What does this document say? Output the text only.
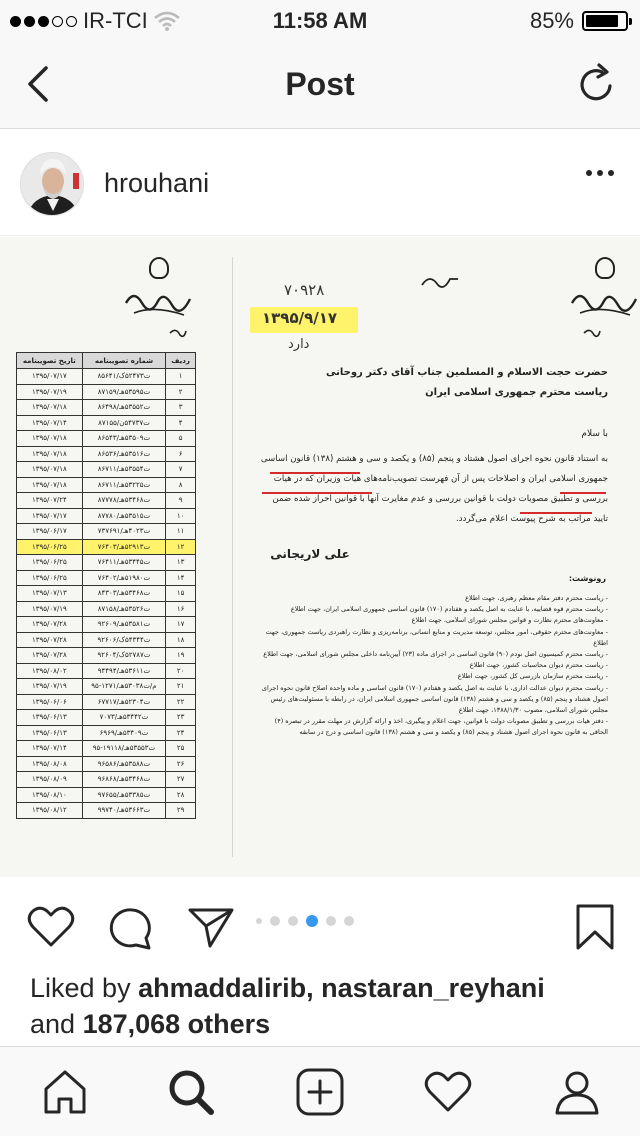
IR-TCI	11:58 AM	85%
Post
hrouhani
تاریخ تصویبنامه	شماره تصویبنامه	ردیف
۱۳۹۵/۰۷/۱۷	۸۵۶۴۱/ت۵۲۴۷۳ک	۱
۱۳۹۵/۰۷/۱۹	۸۷۱۵۹/ت۵۳۵۹۵هـ	۲
۱۳۹۵/۰۷/۱۸	۸۶۴۹۸/ت۵۳۵۵۲هـ	۳
۱۳۹۵/۰۷/۱۴	۸۷۱۵۵/ت۵۴۷۳۷ن	۴
۱۳۹۵/۰۷/۱۸	۸۶۵۴۳/ت۵۳۵۰۹هـ	۵
۱۳۹۵/۰۷/۱۸	۸۶۵۳۶/ت۵۳۵۱۶هـ	۶
۱۳۹۵/۰۷/۱۸	۸۶۷۱۱/ت۵۳۵۵۴هـ	۷
۱۳۹۵/۰۷/۱۸	۸۶۷۱۱/ت۵۳۲۲۵هـ	۸
۱۳۹۵/۰۷/۲۴	۸۷۷۷۸/ت۵۳۴۶۸هـ	۹
۱۳۹۵/۰۷/۱۷	۸۷۷۸۰/ت۵۳۵۱۵هـ	۱۰
۱۳۹۵/۰۶/۱۷	۷۳۷۶۹۱/ت۴۰۲۳هـ	۱۱
۱۳۹۵/۰۶/۲۵	۷۶۴۰۳/ت۵۲۹۱۳هـ	۱۲
۱۳۹۵/۰۶/۲۵	۷۶۴۱۱/ت۵۳۴۴۵هـ	۱۳
۱۳۹۵/۰۶/۲۵	۷۶۴۰۲/ت۵۱۹۸۰هـ	۱۴
۱۳۹۵/۰۷/۱۳	۸۴۳۰۳/ت۵۳۴۶۸هـ	۱۵
۱۳۹۵/۰۷/۱۹	۸۷۱۵۸/ت۵۳۵۲۶هـ	۱۶
۱۳۹۵/۰۷/۲۸	۹۲۶۰۹/ت۵۳۵۸۱هـ	۱۷
۱۳۹۵/۰۷/۲۸	۹۲۶۰۶/ت۵۴۳۴۴ک	۱۸
۱۳۹۵/۰۷/۲۸	۹۲۶۰۴/ت۵۲۷۸۷ک	۱۹
۱۳۹۵/۰۸/۰۲	۹۴۴۹۴/ت۵۳۶۱۱هـ	۲۰
۱۳۹۵/۰۷/۱۹	۹۵-۱۲۷۱/م/ت۵۳۰۳۸هـ	۲۱
۱۳۹۵/۰۶/۰۶	۶۷۷۱۷/ت۵۲۳۰۴هـ	۲۲
۱۳۹۵/۰۶/۱۳	۷۰۷۳/ت۵۳۴۴۲هـ	۲۳
۱۳۹۵/۰۶/۱۳	۶۹۶۹/ت۵۳۴۰۹هـ	۲۴
۱۳۹۵/۰۷/۱۴	۹۵-۱۹۱۱۸/ت۵۳۵۵۳هـ	۲۵
۱۳۹۵/۰۸/۰۸	۹۶۵۸۶/ت۵۳۵۸۸هـ	۲۶
۱۳۹۵/۰۸/۰۹	۹۶۸۶۸/ت۵۳۴۶۸هـ	۲۷
۱۳۹۵/۰۸/۱۰	۹۷۶۵۵/ت۵۳۳۸۵هـ	۲۸
۱۳۹۵/۰۸/۱۲	۹۹۷۴۰/ت۵۳۶۶۳هـ	۲۹
۷۰۹۲۸
۱۳۹۵/۹/۱۷
دارد
حضرت حجت الاسلام و المسلمین جناب آقای دکتر روحانی
ریاست محترم جمهوری اسلامی ایران
با سلام
به استناد قانون نحوه اجرای اصول هشتاد و پنجم (۸۵) و یکصد و سی و هشتم (۱۳۸) قانون اساسی جمهوری اسلامی ایران و اصلاحات پس از آن فهرست تصویب‌نامه‌های هیات وزیران که در هیات بررسی و تطبیق مصوبات دولت با قوانین بررسی و عدم مغایرت آنها با قوانین احراز شده ضمن تایید مراتب به شرح پیوست اعلام می‌گردد.
علی لاریجانی
رونوشت:
- ریاست محترم دفتر مقام معظم رهبری، جهت اطلاع
- ریاست محترم قوه قضاییه، با عنایت به اصل یکصد و هفتادم (۱۷۰) قانون اساسی جمهوری اسلامی ایران، جهت اطلاع
- معاونت‌های محترم نظارت و قوانین مجلس شورای اسلامی، جهت اطلاع
- معاونت‌های محترم حقوقی، امور مجلس، توسعه مدیریت و منابع انسانی، برنامه‌ریزی و نظارت راهبردی ریاست جمهوری، جهت اطلاع
- ریاست محترم کمیسیون اصل نودم (۹۰) قانون اساسی در اجرای ماده (۲۳) آیین‌نامه داخلی مجلس شورای اسلامی، جهت اطلاع
- ریاست محترم دیوان محاسبات کشور، جهت اطلاع
- ریاست محترم سازمان بازرسی کل کشور، جهت اطلاع
- ریاست محترم دیوان عدالت اداری، با عنایت به اصل یکصد و هفتادم (۱۷۰) قانون اساسی و ماده واحده اصلاح قانون نحوه اجرای اصول هشتاد و پنجم (۸۵) و یکصد و سی و هشتم (۱۳۸) قانون اساسی جمهوری اسلامی ایران، در رابطه با مسئولیت‌های رئیس مجلس شورای اسلامی، مصوب ۱۳۸۸/۱/۳۰، جهت اطلاع
- دفتر هیات بررسی و تطبیق مصوبات دولت با قوانین، جهت اعلام و پیگیری، اخذ و ارائه گزارش در مهلت مقرر در تبصره (۴) الحاقی به قانون نحوه اجرای اصول هشتاد و پنجم (۸۵) و یکصد و سی و هشتم (۱۳۸) قانون اساسی و درج در سابقه
Liked by ahmaddalirib, nastaran_reyhani
and 187,068 others
